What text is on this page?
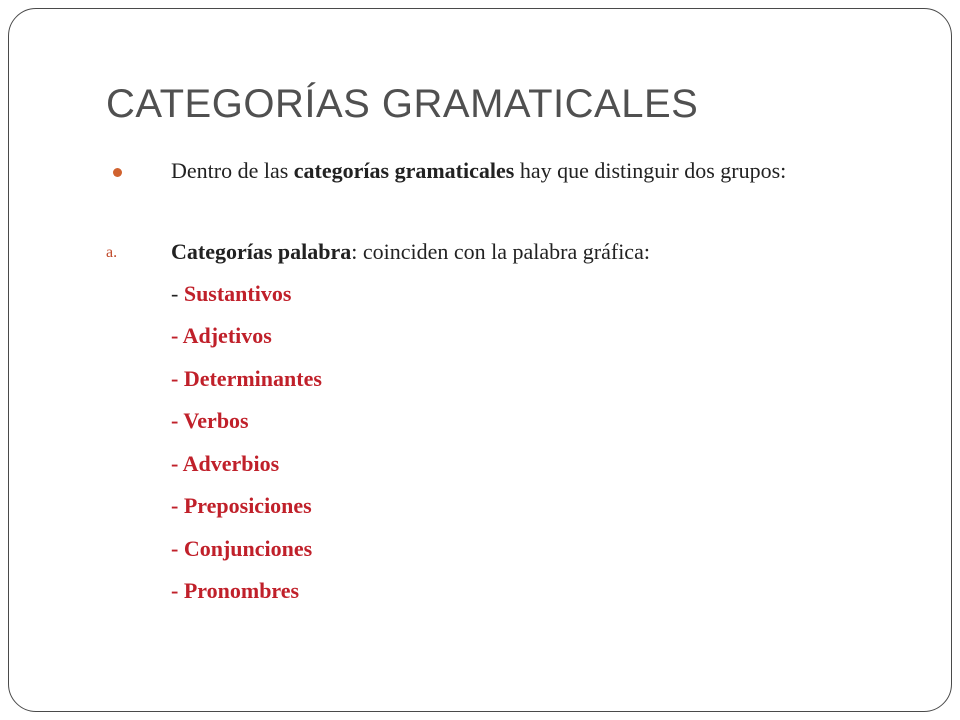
CATEGORÍAS GRAMATICALES
Dentro de las categorías gramaticales hay que distinguir dos grupos:
a. Categorías palabra: coinciden con la palabra gráfica:
- Sustantivos
- Adjetivos
- Determinantes
- Verbos
- Adverbios
- Preposiciones
- Conjunciones
- Pronombres
